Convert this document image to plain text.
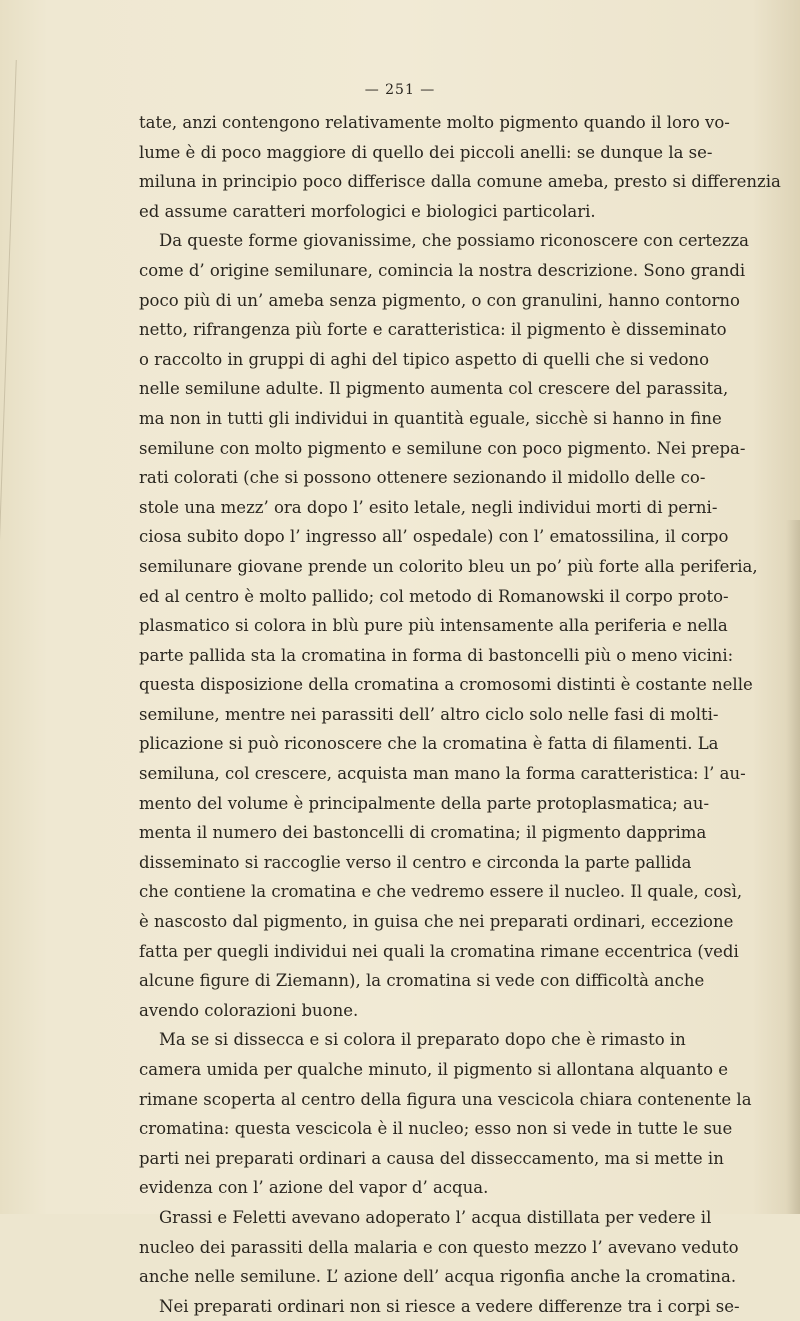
— 251 —
tate, anzi contengono relativamente molto pigmento quando il loro vo-
lume è di poco maggiore di quello dei piccoli anelli: se dunque la se-
miluna in principio poco differisce dalla comune ameba, presto si differenzia
ed assume caratteri morfologici e biologici particolari.
Da queste forme giovanissime, che possiamo riconoscere con certezza
come d’ origine semilunare, comincia la nostra descrizione. Sono grandi
poco più di un’ ameba senza pigmento, o con granulini, hanno contorno
netto, rifrangenza più forte e caratteristica: il pigmento è disseminato
o raccolto in gruppi di aghi del tipico aspetto di quelli che si vedono
nelle semilune adulte. Il pigmento aumenta col crescere del parassita,
ma non in tutti gli individui in quantità eguale, sicchè si hanno in fine
semilune con molto pigmento e semilune con poco pigmento. Nei prepa-
rati colorati (che si possono ottenere sezionando il midollo delle co-
stole una mezz’ ora dopo l’ esito letale, negli individui morti di perni-
ciosa subito dopo l’ ingresso all’ ospedale) con l’ ematossilina, il corpo
semilunare giovane prende un colorito bleu un po’ più forte alla periferia,
ed al centro è molto pallido; col metodo di Romanowski il corpo proto-
plasmatico si colora in blù pure più intensamente alla periferia e nella
parte pallida sta la cromatina in forma di bastoncelli più o meno vicini:
questa disposizione della cromatina a cromosomi distinti è costante nelle
semilune, mentre nei parassiti dell’ altro ciclo solo nelle fasi di molti-
plicazione si può riconoscere che la cromatina è fatta di filamenti. La
semiluna, col crescere, acquista man mano la forma caratteristica: l’ au-
mento del volume è principalmente della parte protoplasmatica; au-
menta il numero dei bastoncelli di cromatina; il pigmento dapprima
disseminato si raccoglie verso il centro e circonda la parte pallida
che contiene la cromatina e che vedremo essere il nucleo. Il quale, così,
è nascosto dal pigmento, in guisa che nei preparati ordinari, eccezione
fatta per quegli individui nei quali la cromatina rimane eccentrica (vedi
alcune figure di Ziemann), la cromatina si vede con difficoltà anche
avendo colorazioni buone.
Ma se si dissecca e si colora il preparato dopo che è rimasto in
camera umida per qualche minuto, il pigmento si allontana alquanto e
rimane scoperta al centro della figura una vescicola chiara contenente la
cromatina: questa vescicola è il nucleo; esso non si vede in tutte le sue
parti nei preparati ordinari a causa del disseccamento, ma si mette in
evidenza con l’ azione del vapor d’ acqua.
Grassi e Feletti avevano adoperato l’ acqua distillata per vedere il
nucleo dei parassiti della malaria e con questo mezzo l’ avevano veduto
anche nelle semilune. L’ azione dell’ acqua rigonfia anche la cromatina.
Nei preparati ordinari non si riesce a vedere differenze tra i corpi se-
